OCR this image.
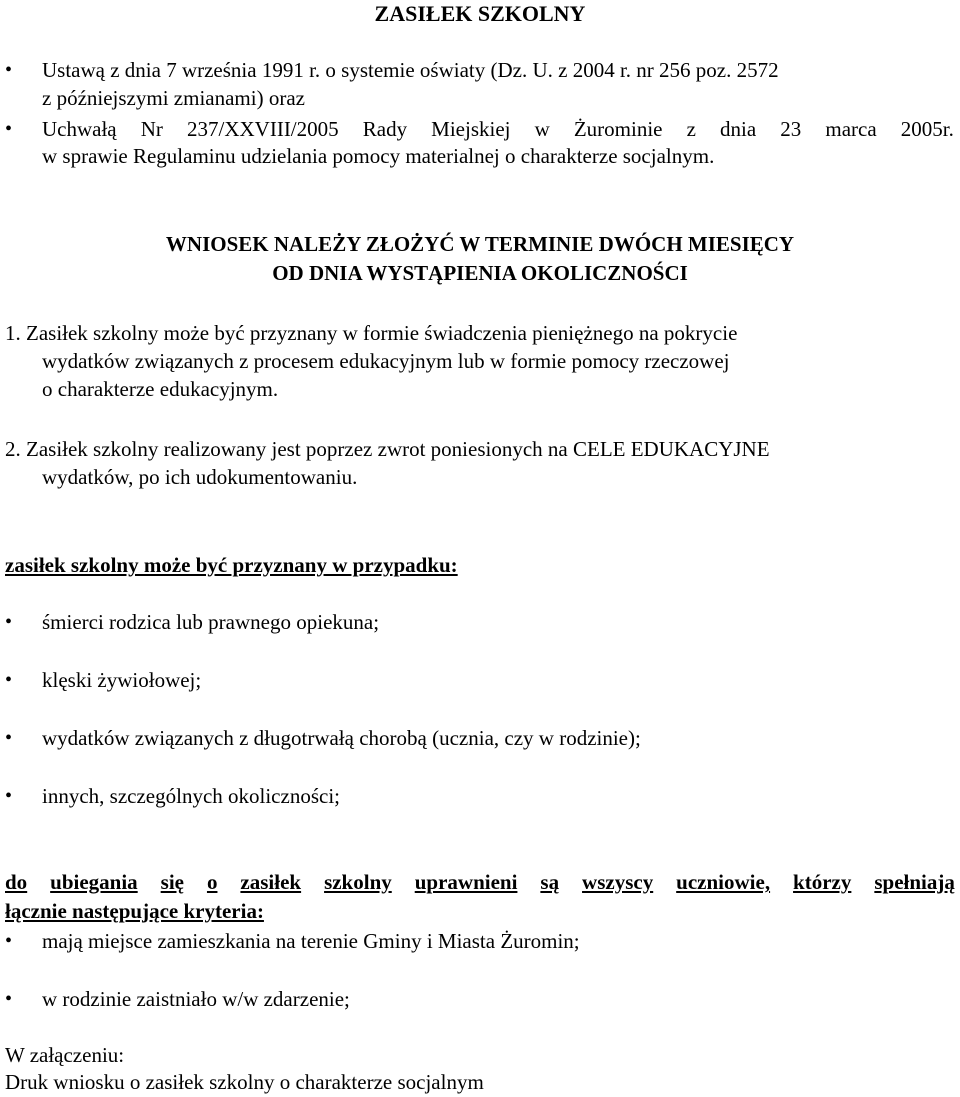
ZASIŁEK SZKOLNY
• Ustawą z dnia 7 września 1991 r. o systemie oświaty (Dz. U. z 2004 r. nr 256 poz. 2572
z późniejszymi zmianami) oraz
• Uchwałą Nr 237/XXVIII/2005 Rady Miejskiej w Żurominie z dnia 23 marca 2005r.
w sprawie Regulaminu udzielania pomocy materialnej o charakterze socjalnym.
WNIOSEK NALEŻY ZŁOŻYĆ W TERMINIE DWÓCH MIESIĘCY
OD DNIA WYSTĄPIENIA OKOLICZNOŚCI
1. Zasiłek szkolny może być przyznany w formie świadczenia pieniężnego na pokrycie
wydatków związanych z procesem edukacyjnym lub w formie pomocy rzeczowej
o charakterze edukacyjnym.
2. Zasiłek szkolny realizowany jest poprzez zwrot poniesionych na CELE EDUKACYJNE
wydatków, po ich udokumentowaniu.
zasiłek szkolny może być przyznany w przypadku:
• śmierci rodzica lub prawnego opiekuna;
• klęski żywiołowej;
• wydatków związanych z długotrwałą chorobą (ucznia, czy w rodzinie);
• innych, szczególnych okoliczności;
do ubiegania się o zasiłek szkolny uprawnieni są wszyscy uczniowie, którzy spełniają
łącznie następujące kryteria:
• mają miejsce zamieszkania na terenie Gminy i Miasta Żuromin;
• w rodzinie zaistniało w/w zdarzenie;
W załączeniu:
Druk wniosku o zasiłek szkolny o charakterze socjalnym
